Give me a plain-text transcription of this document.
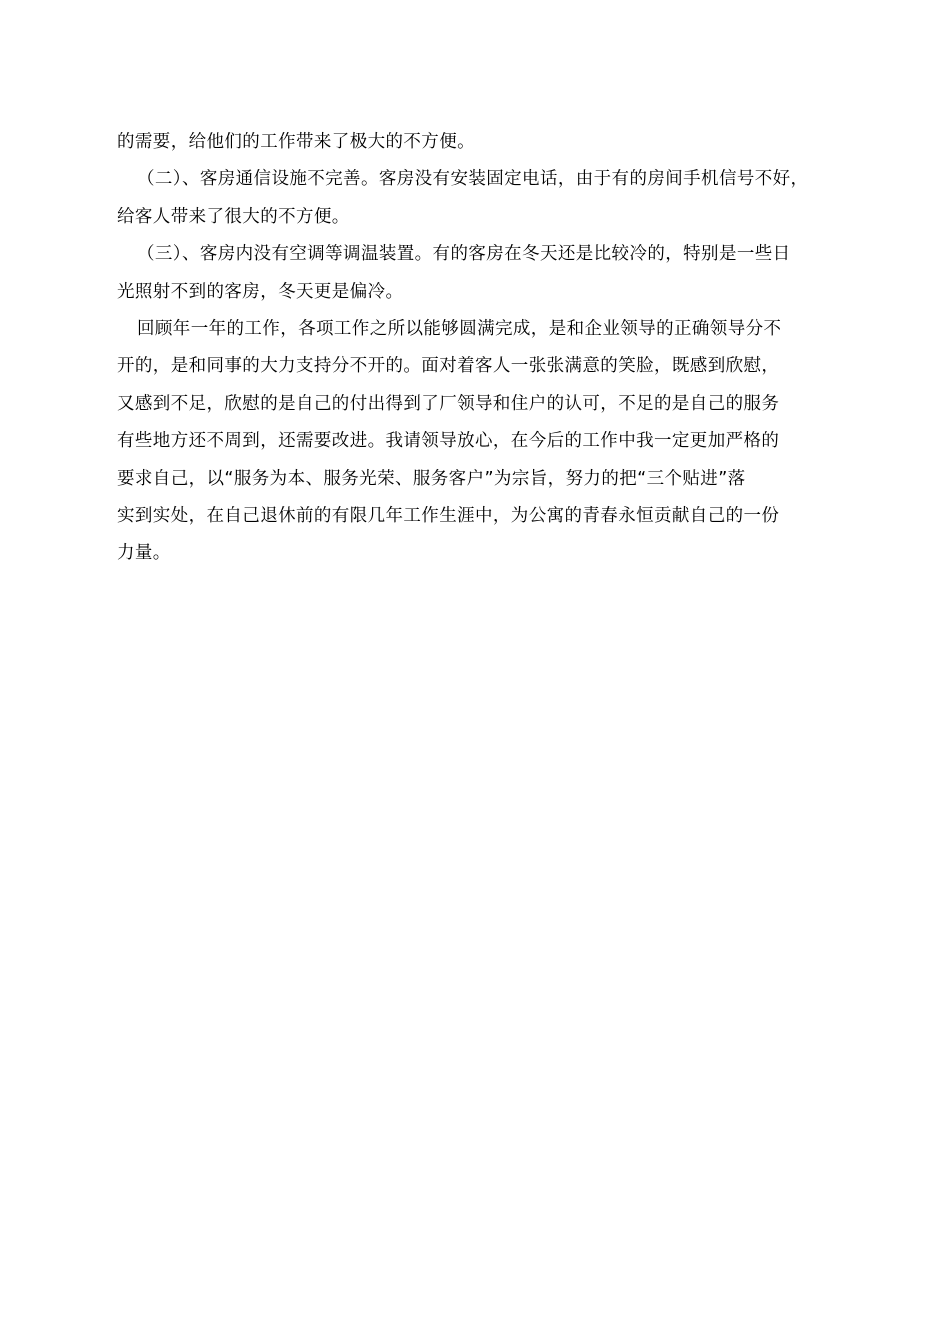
的需要，给他们的工作带来了极大的不方便。

（二）、客房通信设施不完善。客房没有安装固定电话，由于有的房间手机信号不好，
给客人带来了很大的不方便。

（三）、客房内没有空调等调温装置。有的客房在冬天还是比较冷的，特别是一些日
光照射不到的客房，冬天更是偏冷。

回顾年一年的工作，各项工作之所以能够圆满完成，是和企业领导的正确领导分不
开的，是和同事的大力支持分不开的。面对着客人一张张满意的笑脸，既感到欣慰，
又感到不足，欣慰的是自己的付出得到了厂领导和住户的认可，不足的是自己的服务
有些地方还不周到，还需要改进。我请领导放心，在今后的工作中我一定更加严格的
要求自己，以“服务为本、服务光荣、服务客户”为宗旨，努力的把“三个贴进”落
实到实处，在自己退休前的有限几年工作生涯中，为公寓的青春永恒贡献自己的一份
力量。
